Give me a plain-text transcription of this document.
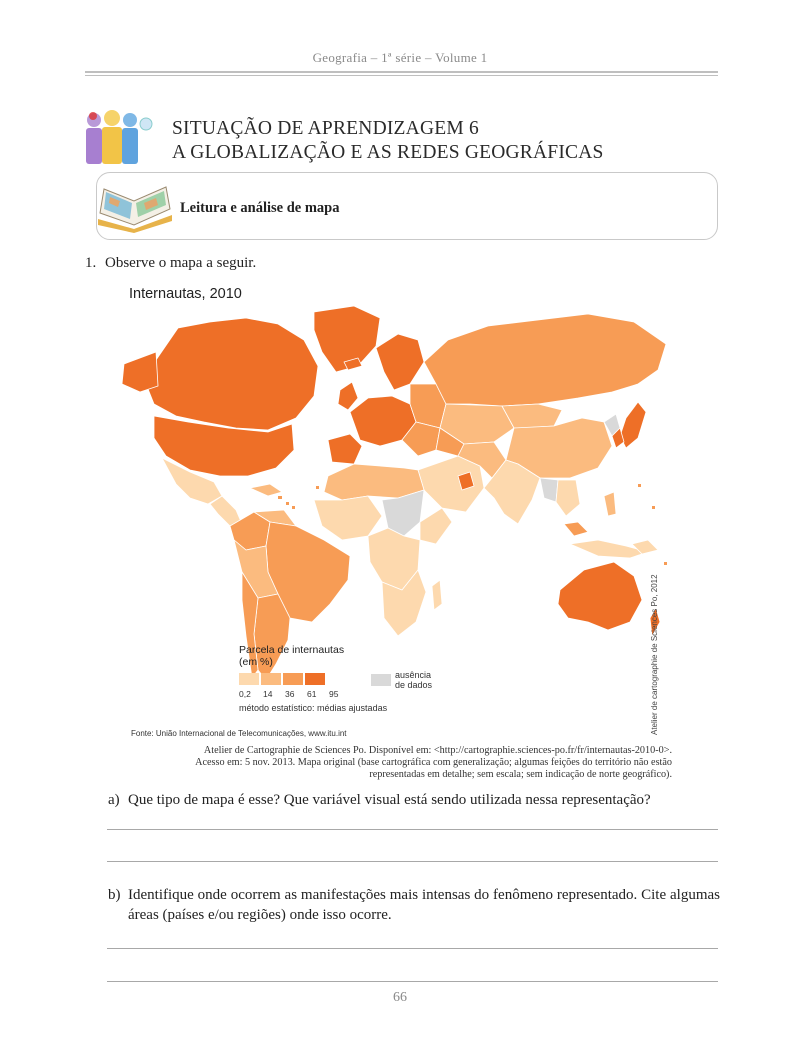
Geografia – 1ª série – Volume 1
SITUAÇÃO DE APRENDIZAGEM 6
A GLOBALIZAÇÃO E AS REDES GEOGRÁFICAS
Leitura e análise de mapa
1. Observe o mapa a seguir.
Internautas, 2010
Parcela de internautas
(em %)
0,2 14 36 61 95
método estatístico: médias ajustadas
ausência
de dados	Atelier de cartographie de Sciences Po, 2012
Fonte: União Internacional de Telecomunicações, www.itu.int
Atelier de Cartographie de Sciences Po. Disponível em: <http://cartographie.sciences-po.fr/fr/internautas-2010-0>.
Acesso em: 5 nov. 2013. Mapa original (base cartográfica com generalização; algumas feições do território não estão
representadas em detalhe; sem escala; sem indicação de norte geográfico).
a) Que tipo de mapa é esse? Que variável visual está sendo utilizada nessa representação?
b) Identifique onde ocorrem as manifestações mais intensas do fenômeno representado. Cite algumas áreas (países e/ou regiões) onde isso ocorre.
66
